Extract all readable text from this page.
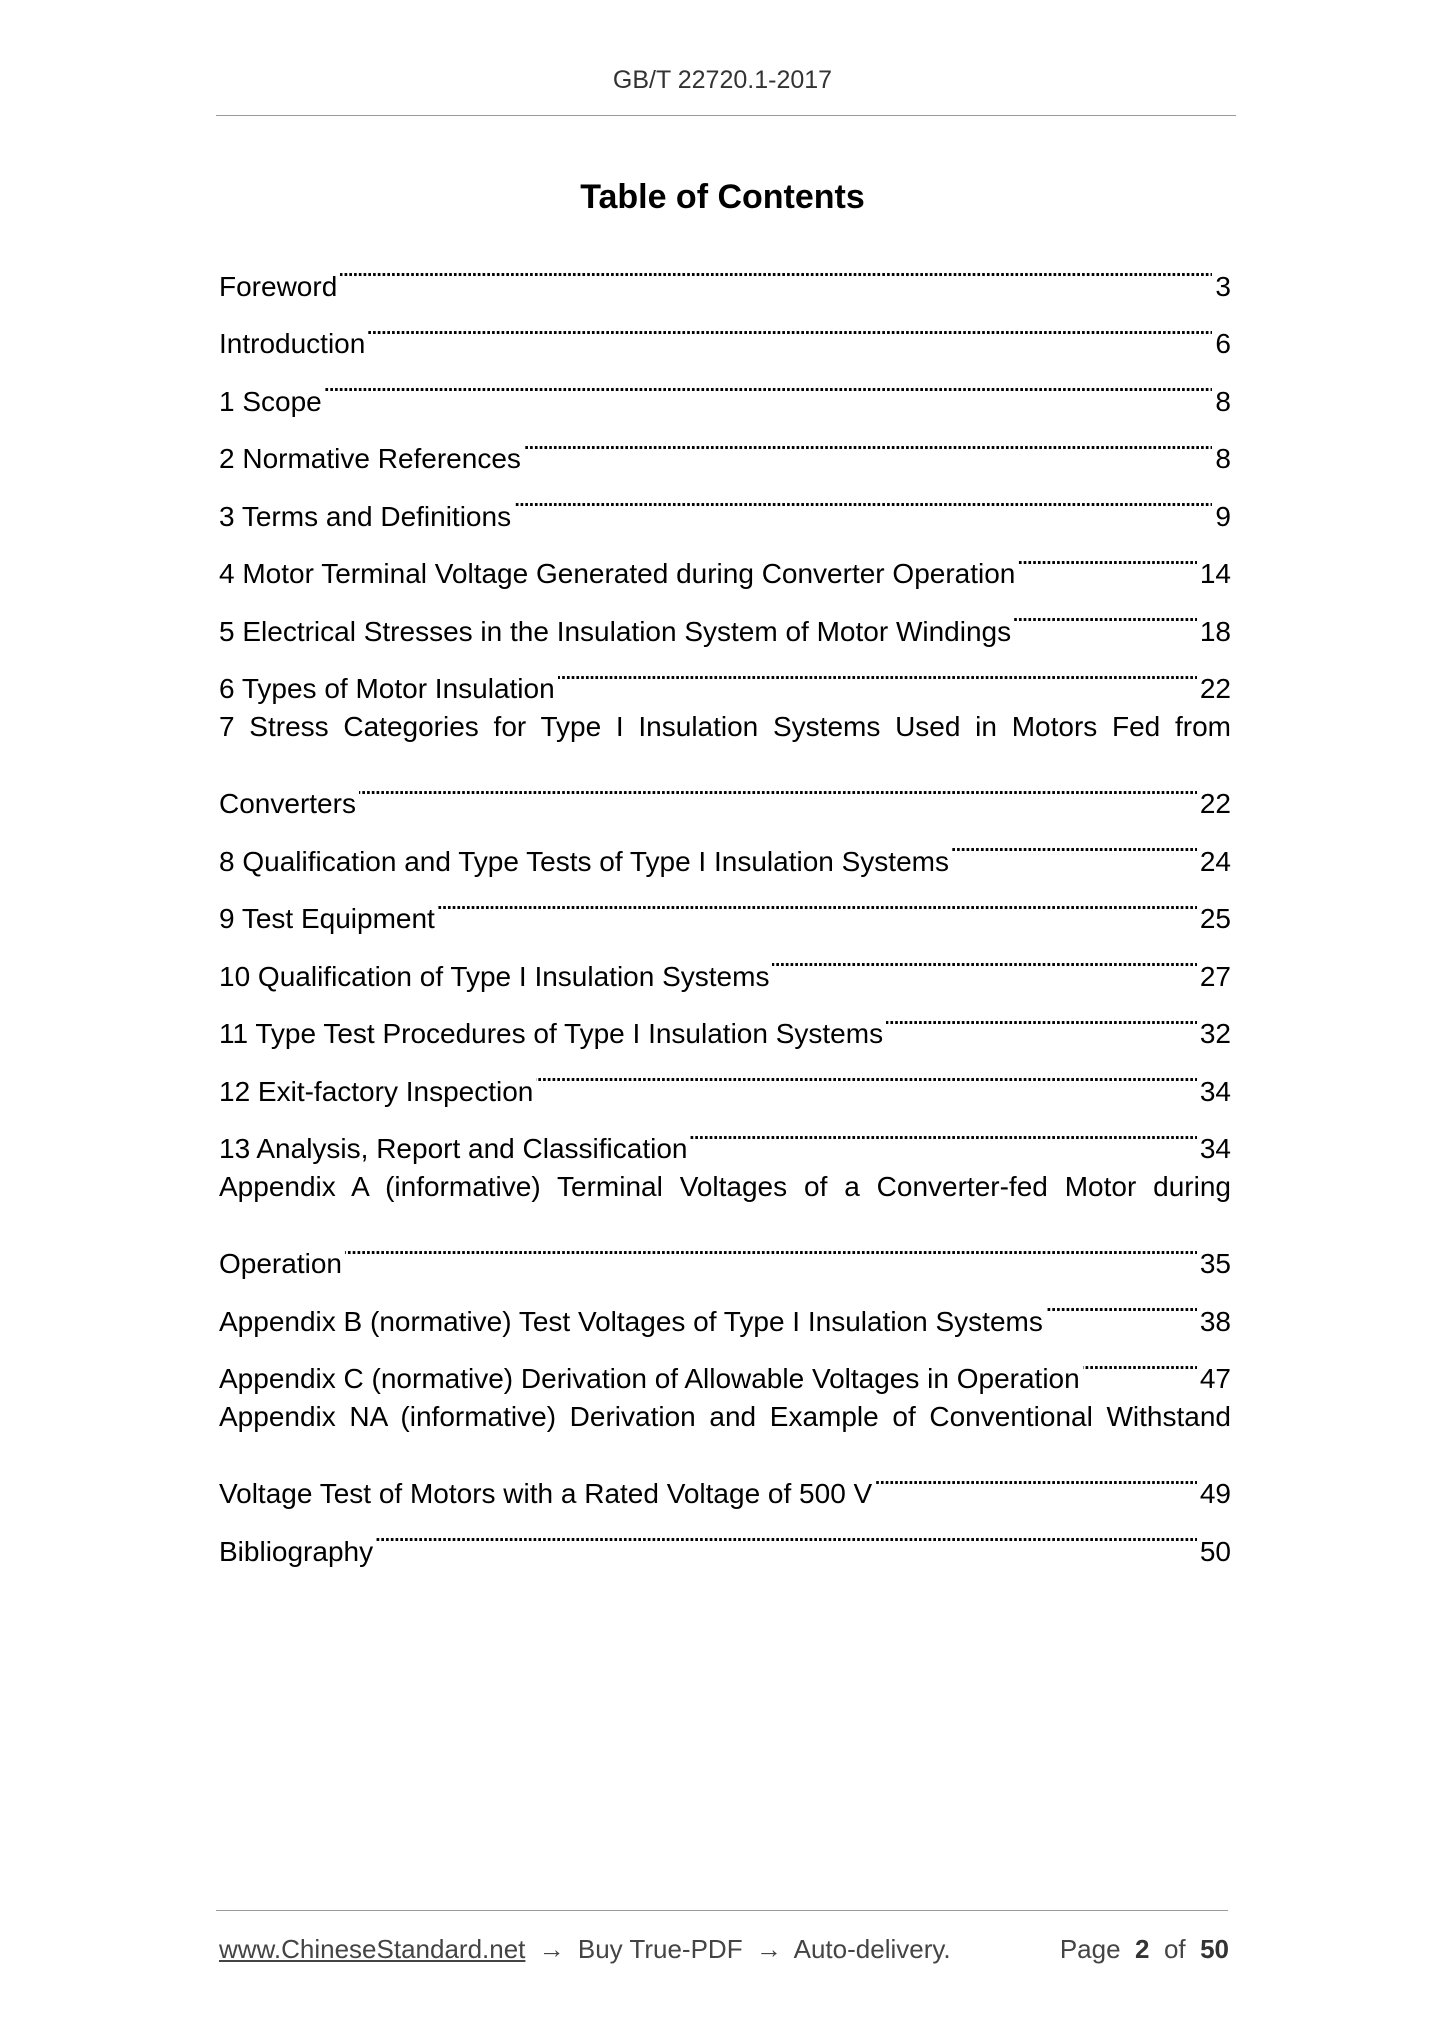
GB/T 22720.1-2017
Table of Contents
Foreword . . .	3
Introduction . . .	6
1 Scope . . .	8
2 Normative References . . .	8
3 Terms and Definitions . . .	9
4 Motor Terminal Voltage Generated during Converter Operation . . .	14
5 Electrical Stresses in the Insulation System of Motor Windings . . .	18
6 Types of Motor Insulation . . .	22
7 Stress Categories for Type I Insulation Systems Used in Motors Fed from
Converters . . .	22
8 Qualification and Type Tests of Type I Insulation Systems . . .	24
9 Test Equipment . . .	25
10 Qualification of Type I Insulation Systems . . .	27
11 Type Test Procedures of Type I Insulation Systems . . .	32
12 Exit-factory Inspection . . .	34
13 Analysis, Report and Classification . . .	34
Appendix A (informative) Terminal Voltages of a Converter-fed Motor during
Operation . . .	35
Appendix B (normative) Test Voltages of Type I Insulation Systems . . .	38
Appendix C (normative) Derivation of Allowable Voltages in Operation . . .	47
Appendix NA (informative) Derivation and Example of Conventional Withstand
Voltage Test of Motors with a Rated Voltage of 500 V . . .	49
Bibliography . . .	50
www.ChineseStandard.net → Buy True-PDF → Auto-delivery.	Page 2 of 50
